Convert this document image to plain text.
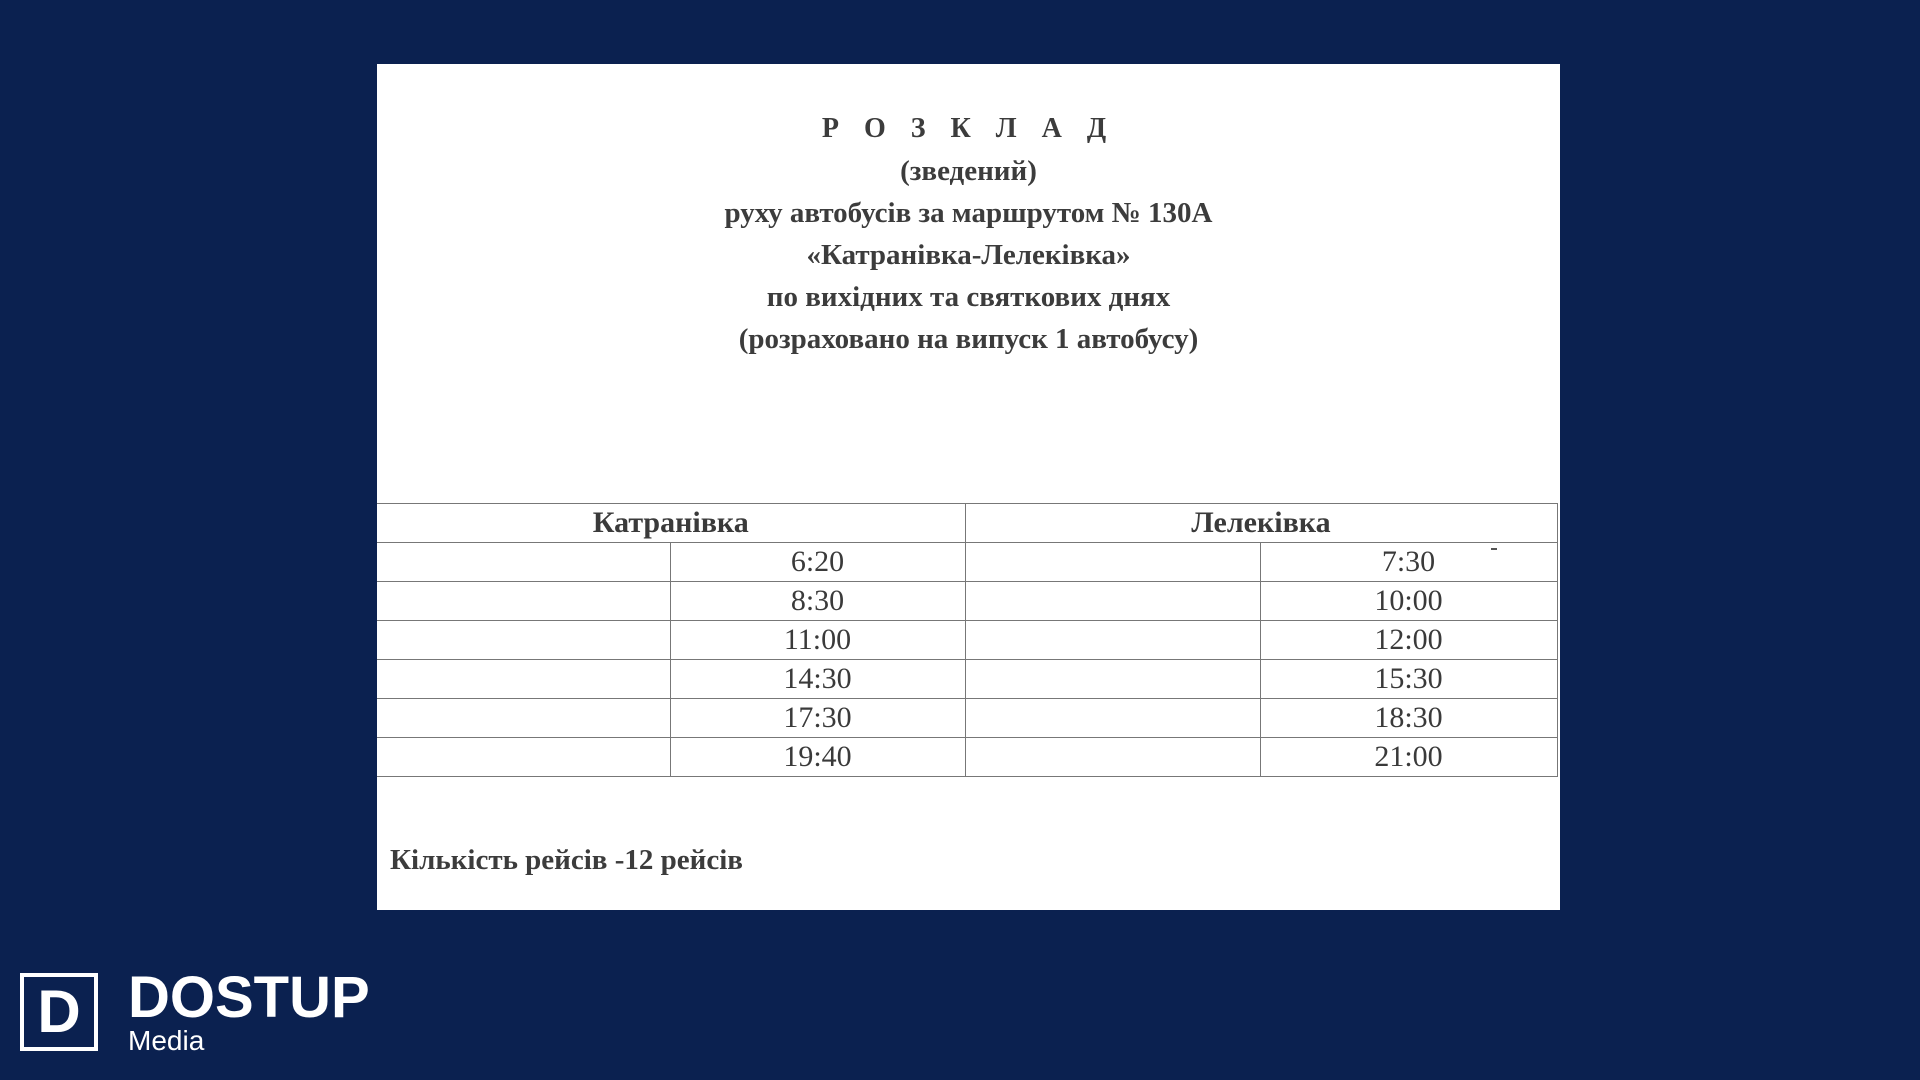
Р О З К Л А Д
(зведений)
руху автобусів за маршрутом № 130А
«Катранівка-Лелеківка»
по вихідних та святкових днях
(розраховано на випуск 1 автобусу)
Катранівка		Лелеківка	
	6:20		7:30
	8:30		10:00
	11:00		12:00
	14:30		15:30
	17:30		18:30
	19:40		21:00
Кількість рейсів -12 рейсів
D DOSTUP
Media
